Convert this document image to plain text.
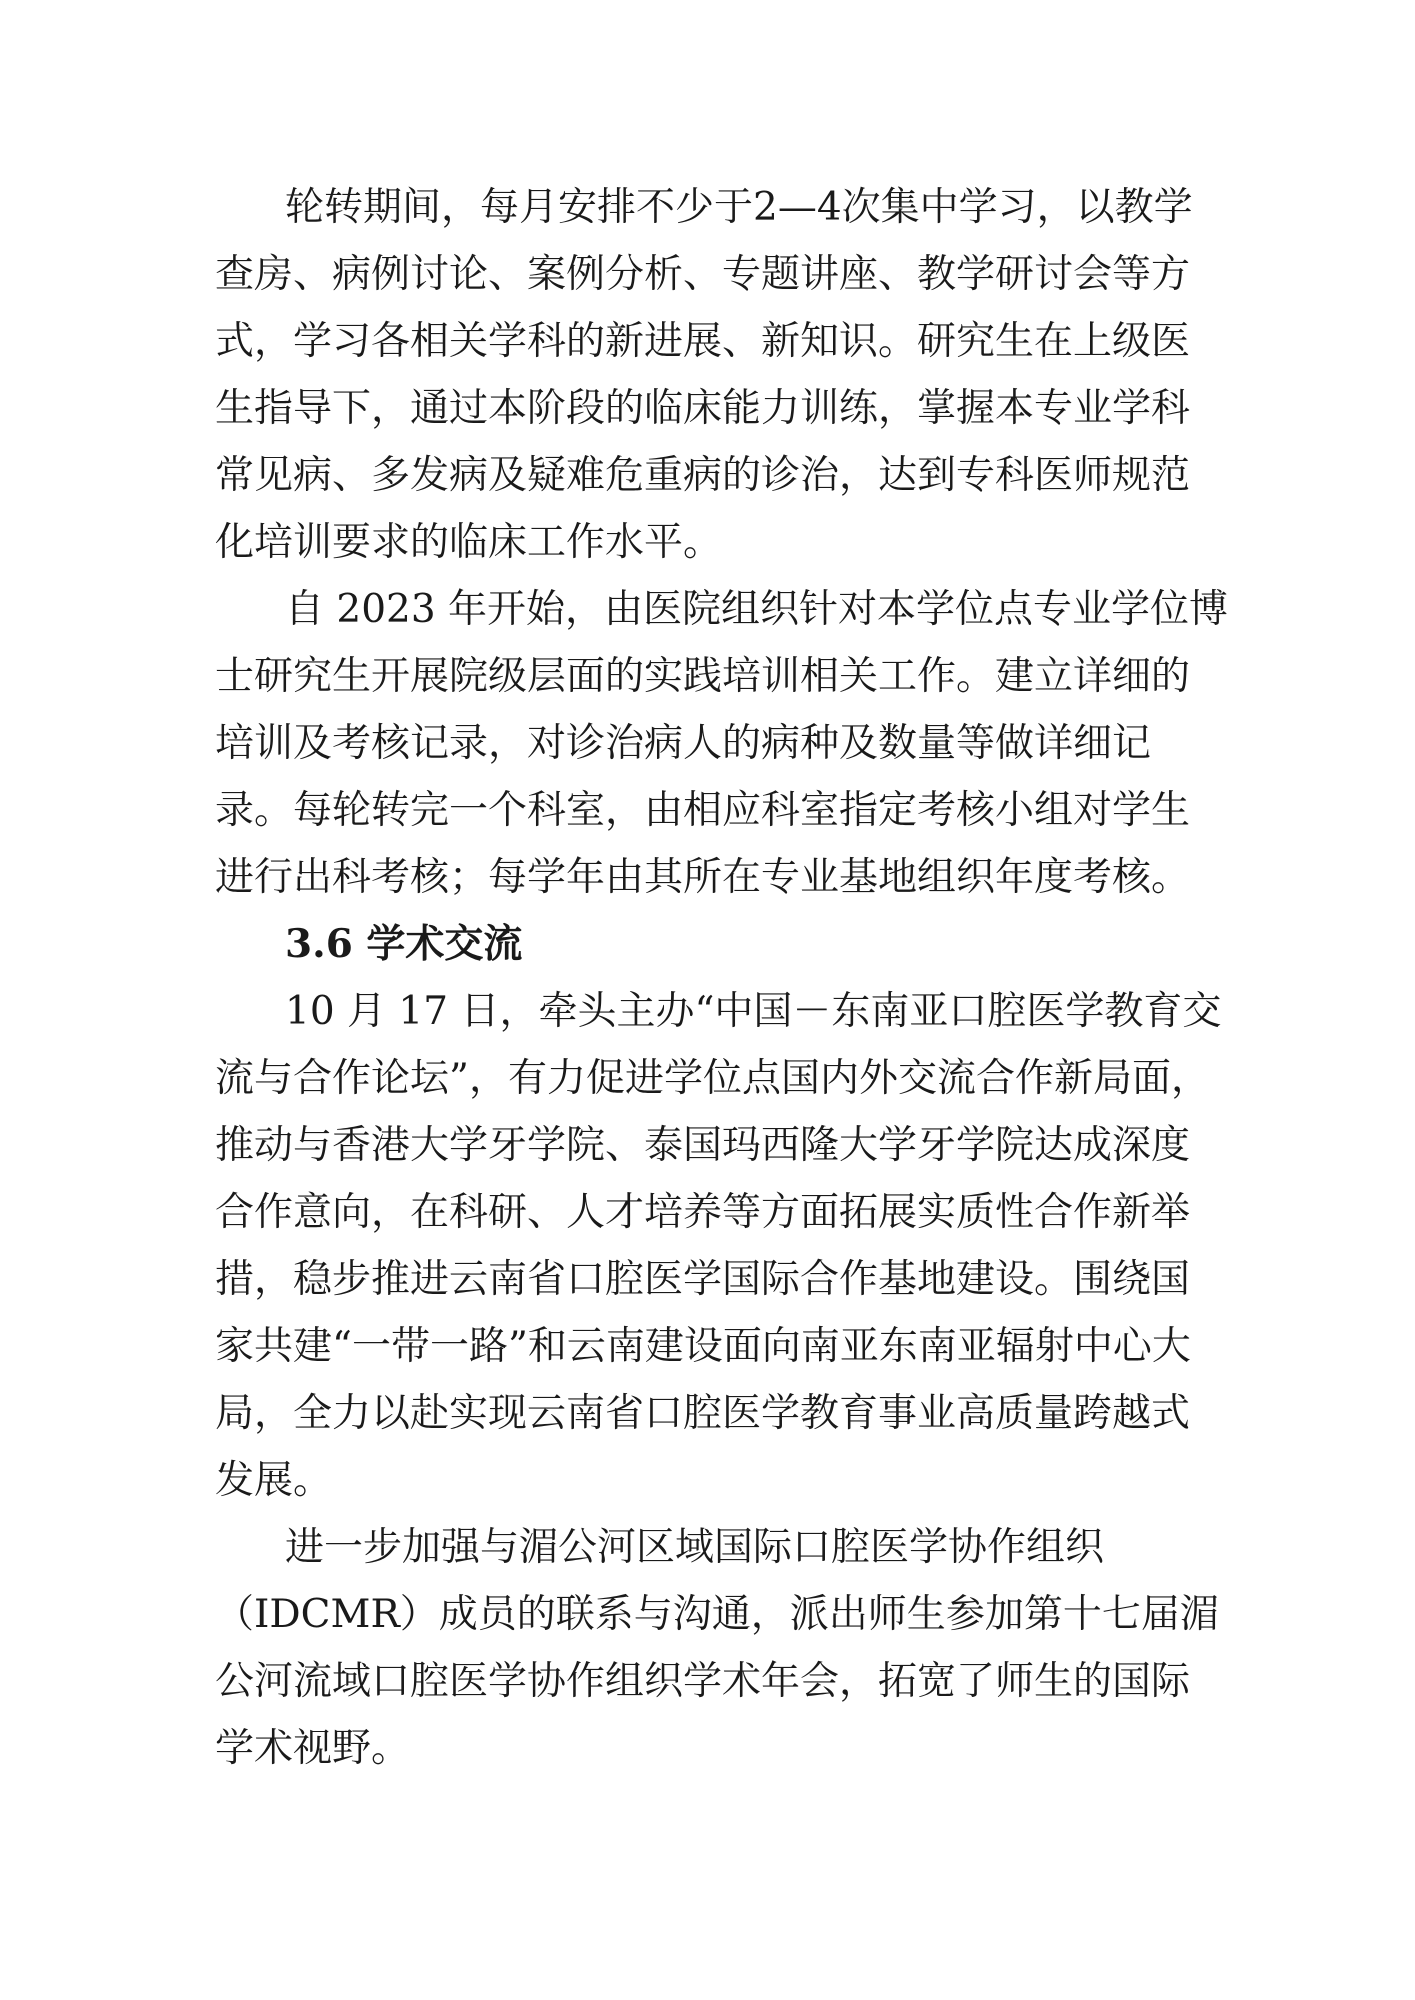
轮转期间，每月安排不少于2—4次集中学习，以教学
查房、病例讨论、案例分析、专题讲座、教学研讨会等方
式，学习各相关学科的新进展、新知识。研究生在上级医
生指导下，通过本阶段的临床能力训练，掌握本专业学科
常见病、多发病及疑难危重病的诊治，达到专科医师规范
化培训要求的临床工作水平。
自 2023 年开始，由医院组织针对本学位点专业学位博
士研究生开展院级层面的实践培训相关工作。建立详细的
培训及考核记录，对诊治病人的病种及数量等做详细记
录。每轮转完一个科室，由相应科室指定考核小组对学生
进行出科考核；每学年由其所在专业基地组织年度考核。
3.6 学术交流
10 月 17 日，牵头主办“中国－东南亚口腔医学教育交
流与合作论坛”，有力促进学位点国内外交流合作新局面，
推动与香港大学牙学院、泰国玛西隆大学牙学院达成深度
合作意向，在科研、人才培养等方面拓展实质性合作新举
措，稳步推进云南省口腔医学国际合作基地建设。围绕国
家共建“一带一路”和云南建设面向南亚东南亚辐射中心大
局，全力以赴实现云南省口腔医学教育事业高质量跨越式
发展。
进一步加强与湄公河区域国际口腔医学协作组织
（IDCMR）成员的联系与沟通，派出师生参加第十七届湄
公河流域口腔医学协作组织学术年会，拓宽了师生的国际
学术视野。
